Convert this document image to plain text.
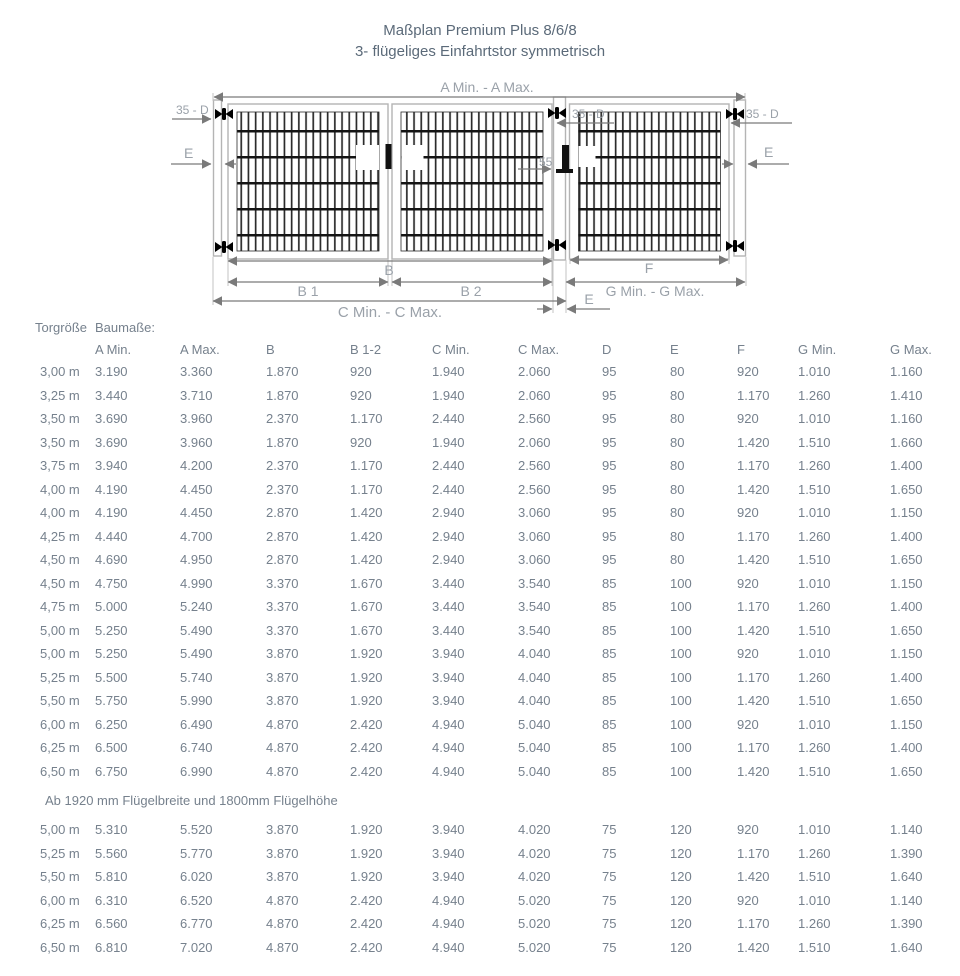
Maßplan Premium Plus 8/6/8
3- flügeliges Einfahrtstor symmetrisch
A Min. - A Max.
35 - D
E
55
35 - D	35 - D
E
B
B 1	B 2
C Min. - C Max.
F
G Min. - G Max.
E
Torgröße	Baumaße:										
	A Min.	A Max.	B	B 1-2	C Min.	C Max.	D	E	F	G Min.	G Max.
3,00 m	3.190	3.360	1.870	920	1.940	2.060	95	80	920	1.010	1.160
3,25 m	3.440	3.710	1.870	920	1.940	2.060	95	80	1.170	1.260	1.410
3,50 m	3.690	3.960	2.370	1.170	2.440	2.560	95	80	920	1.010	1.160
3,50 m	3.690	3.960	1.870	920	1.940	2.060	95	80	1.420	1.510	1.660
3,75 m	3.940	4.200	2.370	1.170	2.440	2.560	95	80	1.170	1.260	1.400
4,00 m	4.190	4.450	2.370	1.170	2.440	2.560	95	80	1.420	1.510	1.650
4,00 m	4.190	4.450	2.870	1.420	2.940	3.060	95	80	920	1.010	1.150
4,25 m	4.440	4.700	2.870	1.420	2.940	3.060	95	80	1.170	1.260	1.400
4,50 m	4.690	4.950	2.870	1.420	2.940	3.060	95	80	1.420	1.510	1.650
4,50 m	4.750	4.990	3.370	1.670	3.440	3.540	85	100	920	1.010	1.150
4,75 m	5.000	5.240	3.370	1.670	3.440	3.540	85	100	1.170	1.260	1.400
5,00 m	5.250	5.490	3.370	1.670	3.440	3.540	85	100	1.420	1.510	1.650
5,00 m	5.250	5.490	3.870	1.920	3.940	4.040	85	100	920	1.010	1.150
5,25 m	5.500	5.740	3.870	1.920	3.940	4.040	85	100	1.170	1.260	1.400
5,50 m	5.750	5.990	3.870	1.920	3.940	4.040	85	100	1.420	1.510	1.650
6,00 m	6.250	6.490	4.870	2.420	4.940	5.040	85	100	920	1.010	1.150
6,25 m	6.500	6.740	4.870	2.420	4.940	5.040	85	100	1.170	1.260	1.400
6,50 m	6.750	6.990	4.870	2.420	4.940	5.040	85	100	1.420	1.510	1.650
Ab 1920 mm Flügelbreite und 1800mm Flügelhöhe
5,00 m	5.310	5.520	3.870	1.920	3.940	4.020	75	120	920	1.010	1.140
5,25 m	5.560	5.770	3.870	1.920	3.940	4.020	75	120	1.170	1.260	1.390
5,50 m	5.810	6.020	3.870	1.920	3.940	4.020	75	120	1.420	1.510	1.640
6,00 m	6.310	6.520	4.870	2.420	4.940	5.020	75	120	920	1.010	1.140
6,25 m	6.560	6.770	4.870	2.420	4.940	5.020	75	120	1.170	1.260	1.390
6,50 m	6.810	7.020	4.870	2.420	4.940	5.020	75	120	1.420	1.510	1.640
